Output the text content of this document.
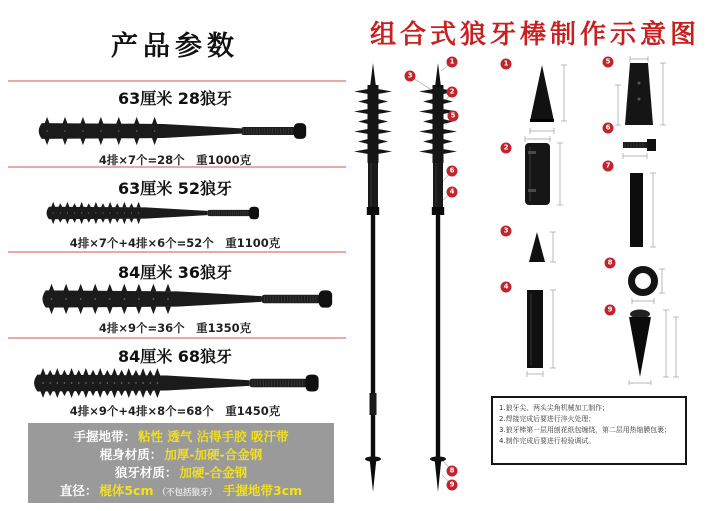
产品参数
63厘米 28狼牙
4排×7个=28个　重1000克
63厘米 52狼牙
4排×7个+4排×6个=52个　重1100克
84厘米 36狼牙
4排×9个=36个　重1350克
84厘米 68狼牙
4排×9个+4排×8个=68个　重1450克
手握地带： 粘性 透气 沾得手胶 吸汗带
棍身材质： 加厚-加硬-合金钢
狼牙材质： 加硬-合金钢
直径： 棍体5cm （不包括狼牙） 手握地带3cm
组合式狼牙棒制作示意图
1
3
2
5
6
4
8
9
1
2
3
4
5
6
7
8
9
1.狼牙尖、两头尖角机械加工制作；
2.焊接完成后要进行淬火处理；
3.狼牙棒第一层用刨花纸包缠绕，第二层用热缩膜包裹；
4.制作完成后要进行检验调试。
